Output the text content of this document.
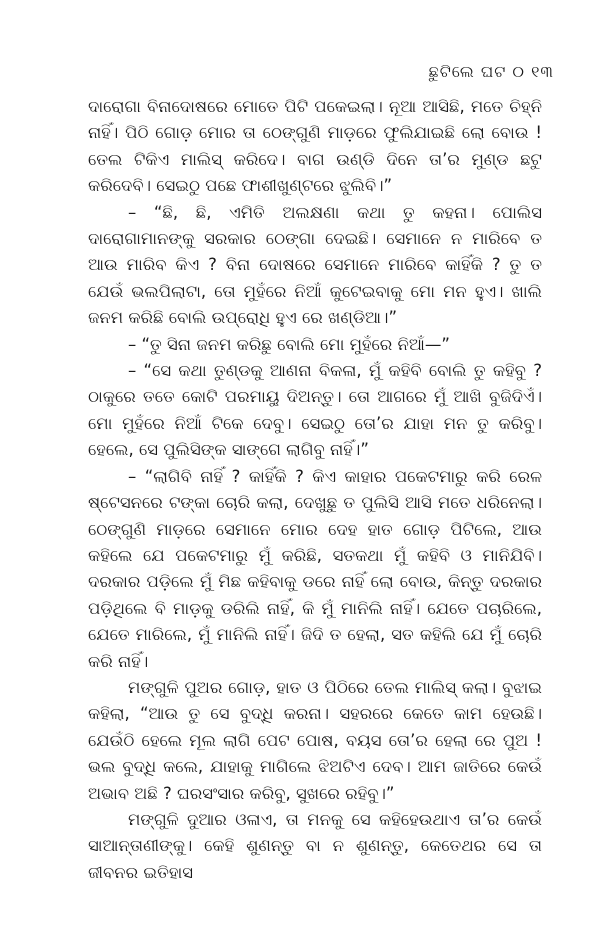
ଛୁଟିଲେ ଘଟ ୦ ୧୩

ଦାରୋଗା ବିନାଦୋଷରେ ମୋତେ ପିଟି ପକେଇଲା। ନୂଆ ଆସିଛି, ମତେ ଚିହ୍ନି ନାହିଁ। ପିଠି ଗୋଡ଼ ମୋର ତା ଠେଙ୍ଗୁଣି ମାଡ଼ରେ ଫୁଲିଯାଇଛି ଲୋ ବୋଉ ! ତେଲ ଟିକିଏ ମାଲିସ୍ କରିଦେ। ବାଗ ଉଣ୍ଡି ଦିନେ ତା’ର ମୁଣ୍ଡ ଛଟୁ କରିଦେବି। ସେଇଠୁ ପଛେ ଫାଶୀଖୁଣ୍ଟରେ ଝୁଲିବି।”

– “ଛି, ଛି, ଏମିତି ଅଲକ୍ଷଣା କଥା ତୁ କହନା। ପୋଲିସ ଦାରୋଗାମାନଙ୍କୁ ସରକାର ଠେଙ୍ଗା ଦେଇଛି। ସେମାନେ ନ ମାରିବେ ତ ଆଉ ମାରିବ କିଏ ? ବିନା ଦୋଷରେ ସେମାନେ ମାରିବେ କାହିଁକି ? ତୁ ତ ଯେଉଁ ଭଲପିଲାଟା, ତୋ ମୁହଁରେ ନିଆଁ କୁଟେଇବାକୁ ମୋ ମନ ହୁଏ। ଖାଲି ଜନମ କରିଛି ବୋଲି ଉପ୍ରୋଧି ହୁଏ ରେ ଖଣ୍ଡିଆ।”

– “ତୁ ସିନା ଜନମ କରିଛୁ ବୋଲି ମୋ ମୁହଁରେ ନିଆଁ—”

– “ସେ କଥା ତୁଣ୍ଡକୁ ଆଣନା ବିକଳା, ମୁଁ କହିବି ବୋଲି ତୁ କହିବୁ ? ଠାକୁରେ ତତେ କୋଟି ପରମାୟୁ ଦିଅନ୍ତୁ। ତୋ ଆଗରେ ମୁଁ ଆଖି ବୁଜିଦିଏଁ। ମୋ ମୁହଁରେ ନିଆଁ ଟିକେ ଦେବୁ। ସେଇଠୁ ତୋ’ର ଯାହା ମନ ତୁ କରିବୁ। ହେଲେ, ସେ ପୁଲିସିଙ୍କ ସାଙ୍ଗେ ଲାଗିବୁ ନାହିଁ।”

– “ଲାଗିବି ନାହିଁ ? କାହିଁକି ? କିଏ କାହାର ପକେଟମାରୁ କରି ରେଳ ଷ୍ଟେସନରେ ଟଙ୍କା ଚୋରି କଲା, ଦେଖୁଛୁ ତ ପୁଲିସି ଆସି ମତେ ଧରିନେଲା। ଠେଙ୍ଗୁଣି ମାଡ଼ରେ ସେମାନେ ମୋର ଦେହ ହାତ ଗୋଡ଼ ପିଟିଲେ, ଆଉ କହିଲେ ଯେ ପକେଟମାରୁ ମୁଁ କରିଛି, ସତକଥା ମୁଁ କହିବି ଓ ମାନିଯିବି। ଦରକାର ପଡ଼ିଲେ ମୁଁ ମିଛ କହିବାକୁ ଡରେ ନାହିଁ ଲୋ ବୋଉ, କିନ୍ତୁ ଦରକାର ପଡ଼ିଥିଲେ ବି ମାଡ଼କୁ ଡରିଲି ନାହିଁ, କି ମୁଁ ମାନିଲି ନାହିଁ। ଯେତେ ପଚାରିଲେ, ଯେତେ ମାରିଲେ, ମୁଁ ମାନିଲି ନାହିଁ। ଜିଦି ତ ହେଲା, ସତ କହିଲି ଯେ ମୁଁ ଚୋରି କରି ନାହିଁ।

ମଙ୍ଗୁଳି ପୁଅର ଗୋଡ଼, ହାତ ଓ ପିଠିରେ ତେଲ ମାଲିସ୍ କଲା। ବୁଝାଇ କହିଲା, “ଆଉ ତୁ ସେ ବୁଦ୍ଧି କରନା। ସହରରେ କେତେ କାମ ହେଉଛି। ଯେଉଁଠି ହେଲେ ମୂଲ ଲାଗି ପେଟ ପୋଷ, ବୟସ ତୋ’ର ହେଲା ରେ ପୁଅ ! ଭଲ ବୁଦ୍ଧି କଲେ, ଯାହାକୁ ମାଗିଲେ ଝିଅଟିଏ ଦେବ। ଆମ ଜାତିରେ କେଉଁ ଅଭାବ ଅଛି ? ଘରସଂସାର କରିବୁ, ସୁଖରେ ରହିବୁ।”

ମଙ୍ଗୁଳି ଦୁଆର ଓଳାଏ, ତା ମନକୁ ସେ କହିହେଉଥାଏ ତା’ର କେଉଁ ସାଆନ୍ତାଣୀଙ୍କୁ। କେହି ଶୁଣନ୍ତୁ ବା ନ ଶୁଣନ୍ତୁ, କେତେଥର ସେ ତା ଜୀବନର ଇତିହାସ
